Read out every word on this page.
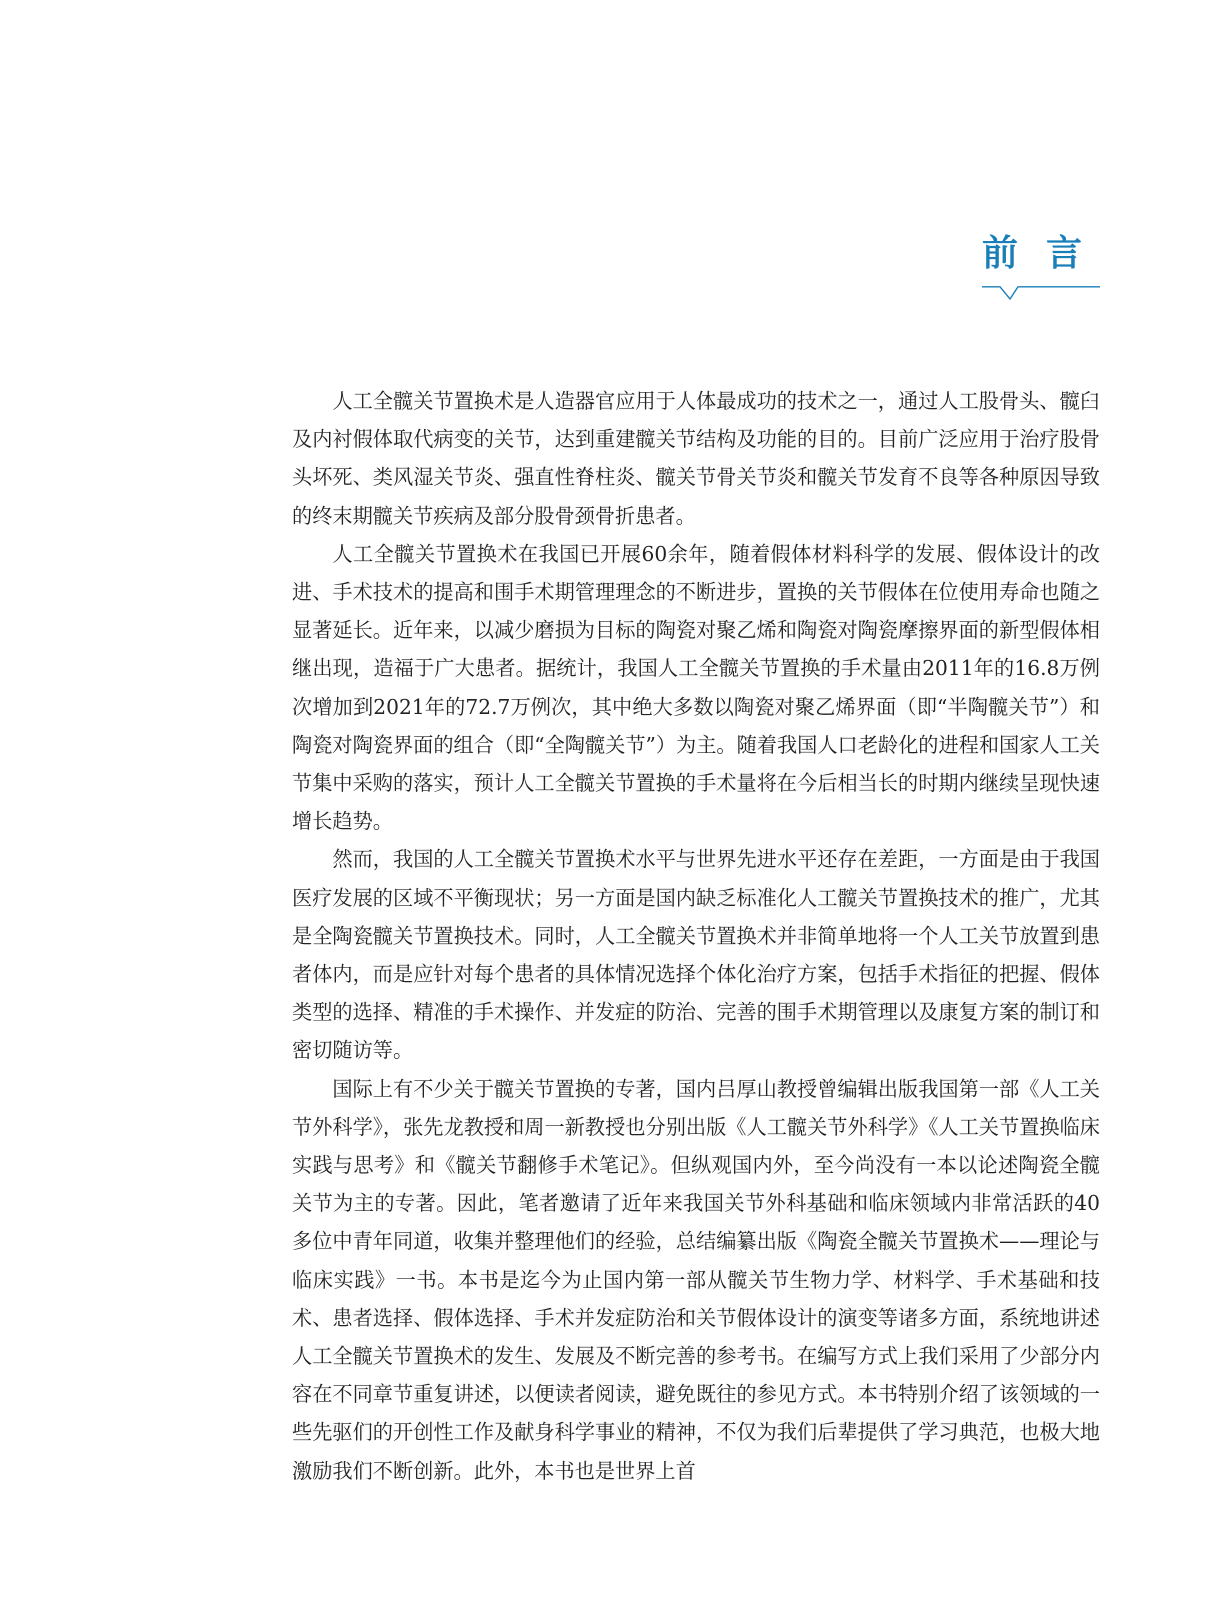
前言

人工全髋关节置换术是人造器官应用于人体最成功的技术之一，通过人工股骨头、髋臼及内衬假体取代病变的关节，达到重建髋关节结构及功能的目的。目前广泛应用于治疗股骨头坏死、类风湿关节炎、强直性脊柱炎、髋关节骨关节炎和髋关节发育不良等各种原因导致的终末期髋关节疾病及部分股骨颈骨折患者。

人工全髋关节置换术在我国已开展60余年，随着假体材料科学的发展、假体设计的改进、手术技术的提高和围手术期管理理念的不断进步，置换的关节假体在位使用寿命也随之显著延长。近年来，以减少磨损为目标的陶瓷对聚乙烯和陶瓷对陶瓷摩擦界面的新型假体相继出现，造福于广大患者。据统计，我国人工全髋关节置换的手术量由2011年的16.8万例次增加到2021年的72.7万例次，其中绝大多数以陶瓷对聚乙烯界面（即“半陶髋关节”）和陶瓷对陶瓷界面的组合（即“全陶髋关节”）为主。随着我国人口老龄化的进程和国家人工关节集中采购的落实，预计人工全髋关节置换的手术量将在今后相当长的时期内继续呈现快速增长趋势。

然而，我国的人工全髋关节置换术水平与世界先进水平还存在差距，一方面是由于我国医疗发展的区域不平衡现状；另一方面是国内缺乏标准化人工髋关节置换技术的推广，尤其是全陶瓷髋关节置换技术。同时，人工全髋关节置换术并非简单地将一个人工关节放置到患者体内，而是应针对每个患者的具体情况选择个体化治疗方案，包括手术指征的把握、假体类型的选择、精准的手术操作、并发症的防治、完善的围手术期管理以及康复方案的制订和密切随访等。

国际上有不少关于髋关节置换的专著，国内吕厚山教授曾编辑出版我国第一部《人工关节外科学》，张先龙教授和周一新教授也分别出版《人工髋关节外科学》《人工关节置换临床实践与思考》和《髋关节翻修手术笔记》。但纵观国内外，至今尚没有一本以论述陶瓷全髋关节为主的专著。因此，笔者邀请了近年来我国关节外科基础和临床领域内非常活跃的40多位中青年同道，收集并整理他们的经验，总结编纂出版《陶瓷全髋关节置换术——理论与临床实践》一书。本书是迄今为止国内第一部从髋关节生物力学、材料学、手术基础和技术、患者选择、假体选择、手术并发症防治和关节假体设计的演变等诸多方面，系统地讲述人工全髋关节置换术的发生、发展及不断完善的参考书。在编写方式上我们采用了少部分内容在不同章节重复讲述，以便读者阅读，避免既往的参见方式。本书特别介绍了该领域的一些先驱们的开创性工作及献身科学事业的精神，不仅为我们后辈提供了学习典范，也极大地激励我们不断创新。此外，本书也是世界上首
